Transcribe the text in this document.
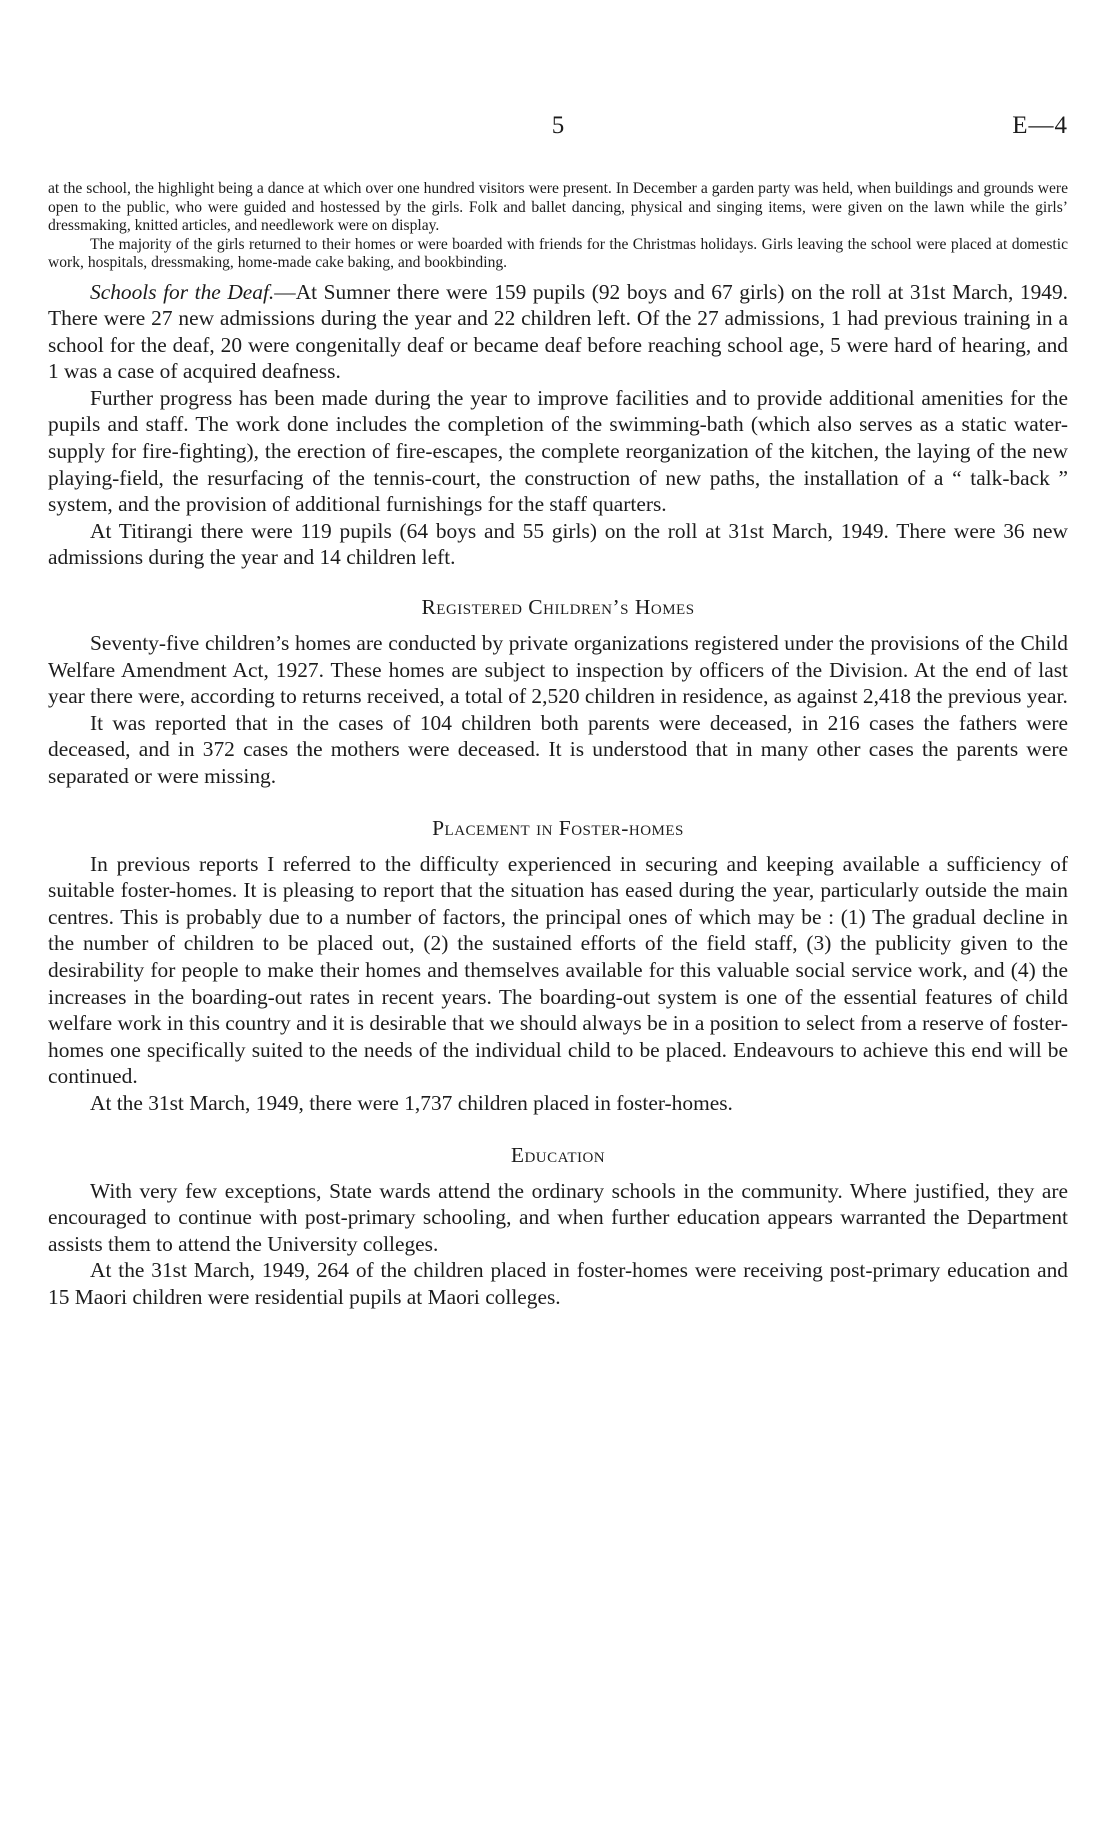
5	E—4

at the school, the highlight being a dance at which over one hundred visitors were present. In December a garden party was held, when buildings and grounds were open to the public, who were guided and hostessed by the girls. Folk and ballet dancing, physical and singing items, were given on the lawn while the girls’ dressmaking, knitted articles, and needlework were on display.

The majority of the girls returned to their homes or were boarded with friends for the Christmas holidays. Girls leaving the school were placed at domestic work, hospitals, dressmaking, home-made cake baking, and bookbinding.

Schools for the Deaf.—At Sumner there were 159 pupils (92 boys and 67 girls) on the roll at 31st March, 1949. There were 27 new admissions during the year and 22 children left. Of the 27 admissions, 1 had previous training in a school for the deaf, 20 were congenitally deaf or became deaf before reaching school age, 5 were hard of hearing, and 1 was a case of acquired deafness.

Further progress has been made during the year to improve facilities and to provide additional amenities for the pupils and staff. The work done includes the completion of the swimming-bath (which also serves as a static water-supply for fire-fighting), the erection of fire-escapes, the complete reorganization of the kitchen, the laying of the new playing-field, the resurfacing of the tennis-court, the construction of new paths, the installation of a “ talk-back ” system, and the provision of additional furnishings for the staff quarters.

At Titirangi there were 119 pupils (64 boys and 55 girls) on the roll at 31st March, 1949. There were 36 new admissions during the year and 14 children left.

Registered Children’s Homes

Seventy-five children’s homes are conducted by private organizations registered under the provisions of the Child Welfare Amendment Act, 1927. These homes are subject to inspection by officers of the Division. At the end of last year there were, according to returns received, a total of 2,520 children in residence, as against 2,418 the previous year.

It was reported that in the cases of 104 children both parents were deceased, in 216 cases the fathers were deceased, and in 372 cases the mothers were deceased. It is understood that in many other cases the parents were separated or were missing.

Placement in Foster-homes

In previous reports I referred to the difficulty experienced in securing and keeping available a sufficiency of suitable foster-homes. It is pleasing to report that the situation has eased during the year, particularly outside the main centres. This is probably due to a number of factors, the principal ones of which may be : (1) The gradual decline in the number of children to be placed out, (2) the sustained efforts of the field staff, (3) the publicity given to the desirability for people to make their homes and themselves available for this valuable social service work, and (4) the increases in the boarding-out rates in recent years. The boarding-out system is one of the essential features of child welfare work in this country and it is desirable that we should always be in a position to select from a reserve of foster-homes one specifically suited to the needs of the individual child to be placed. Endeavours to achieve this end will be continued.

At the 31st March, 1949, there were 1,737 children placed in foster-homes.

Education

With very few exceptions, State wards attend the ordinary schools in the community. Where justified, they are encouraged to continue with post-primary schooling, and when further education appears warranted the Department assists them to attend the University colleges.

At the 31st March, 1949, 264 of the children placed in foster-homes were receiving post-primary education and 15 Maori children were residential pupils at Maori colleges.
